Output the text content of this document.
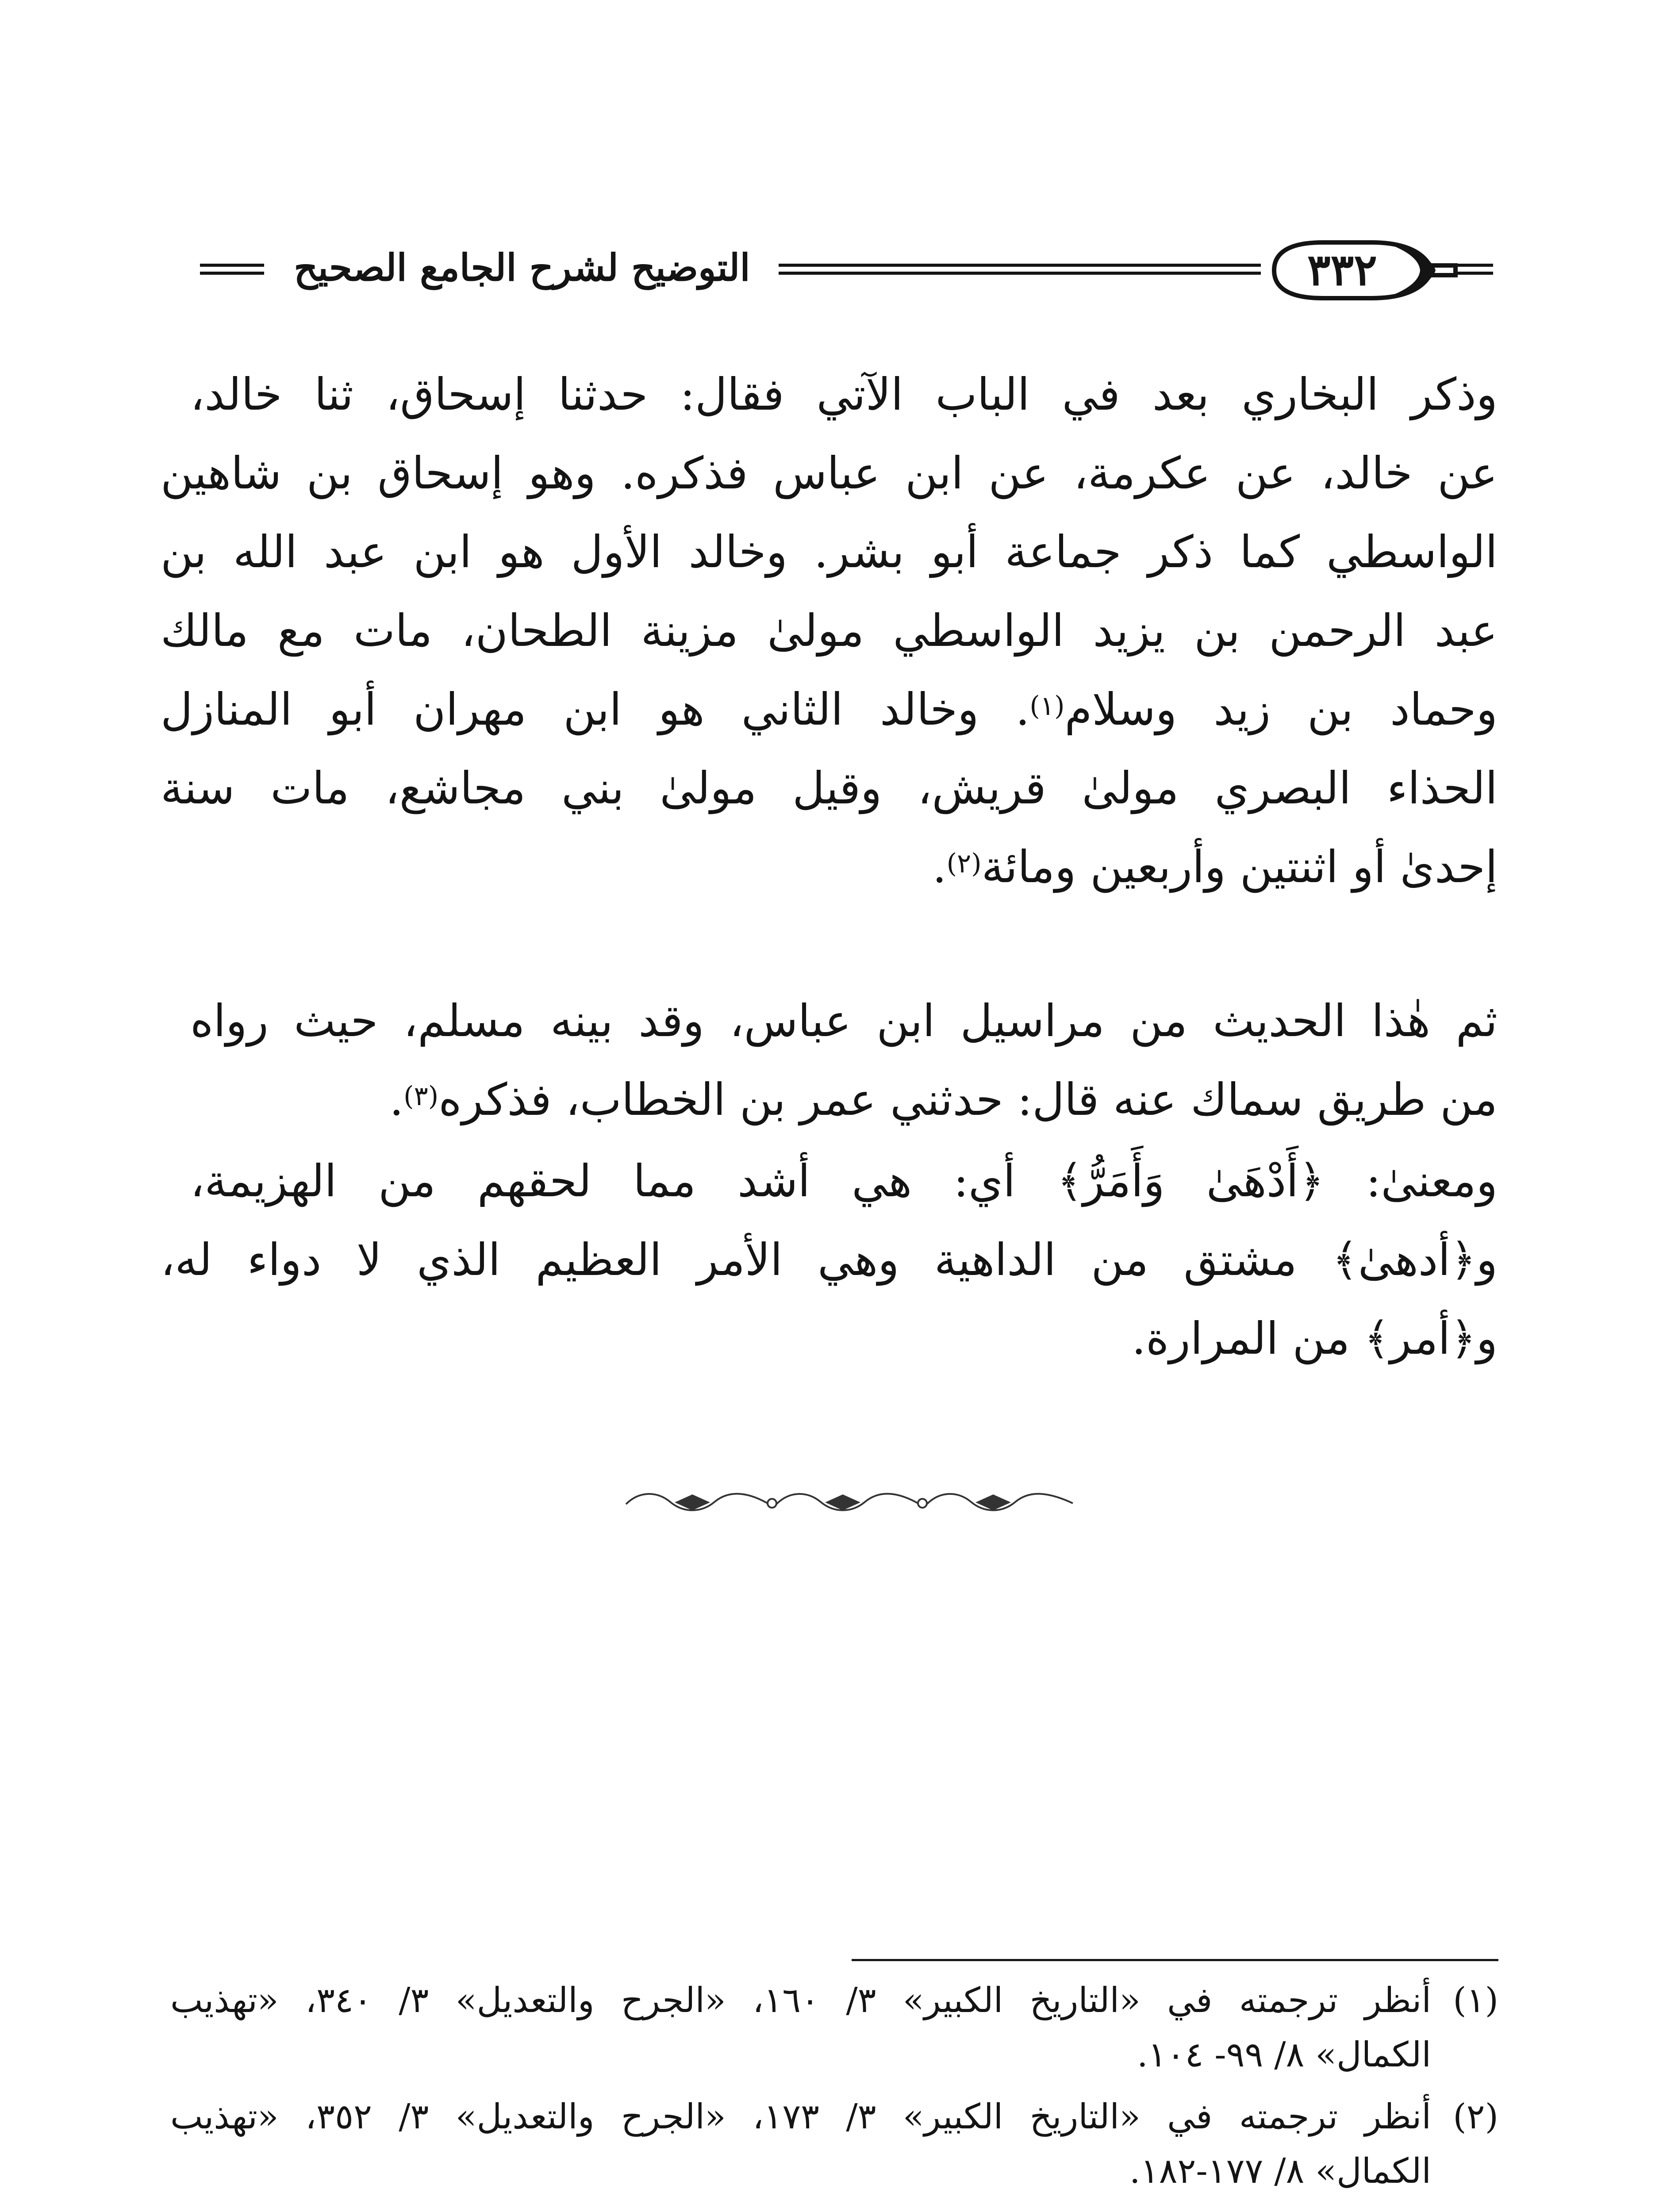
التوضيح لشرح الجامع الصحيح	٣٣٢
وذكر البخاري بعد في الباب الآتي فقال: حدثنا إسحاق، ثنا خالد،
عن خالد، عن عكرمة، عن ابن عباس فذكره. وهو إسحاق بن شاهين
الواسطي كما ذكر جماعة أبو بشر. وخالد الأول هو ابن عبد الله بن
عبد الرحمن بن يزيد الواسطي مولىٰ مزينة الطحان، مات مع مالك
وحماد بن زيد وسلام$^{(١)}$. وخالد الثاني هو ابن مهران أبو المنازل
الحذاء البصري مولىٰ قريش، وقيل مولىٰ بني مجاشع، مات سنة
إحدىٰ أو اثنتين وأربعين ومائة$^{(٢)}$.
ثم هٰذا الحديث من مراسيل ابن عباس، وقد بينه مسلم، حيث رواه
من طريق سماك عنه قال: حدثني عمر بن الخطاب، فذكره$^{(٣)}$.
ومعنىٰ: ﴿أَدْهَىٰ وَأَمَرُّ﴾ أي: هي أشد مما لحقهم من الهزيمة،
و﴿أدهىٰ﴾ مشتق من الداهية وهي الأمر العظيم الذي لا دواء له،
و﴿أمر﴾ من المرارة.
(١)
أنظر ترجمته في «التاريخ الكبير» ٣/ ١٦٠، «الجرح والتعديل» ٣/ ٣٤٠، «تهذيب
الكمال» ٨/ ٩٩- ١٠٤.
(٢)
أنظر ترجمته في «التاريخ الكبير» ٣/ ١٧٣، «الجرح والتعديل» ٣/ ٣٥٢، «تهذيب
الكمال» ٨/ ١٧٧-١٨٢.
